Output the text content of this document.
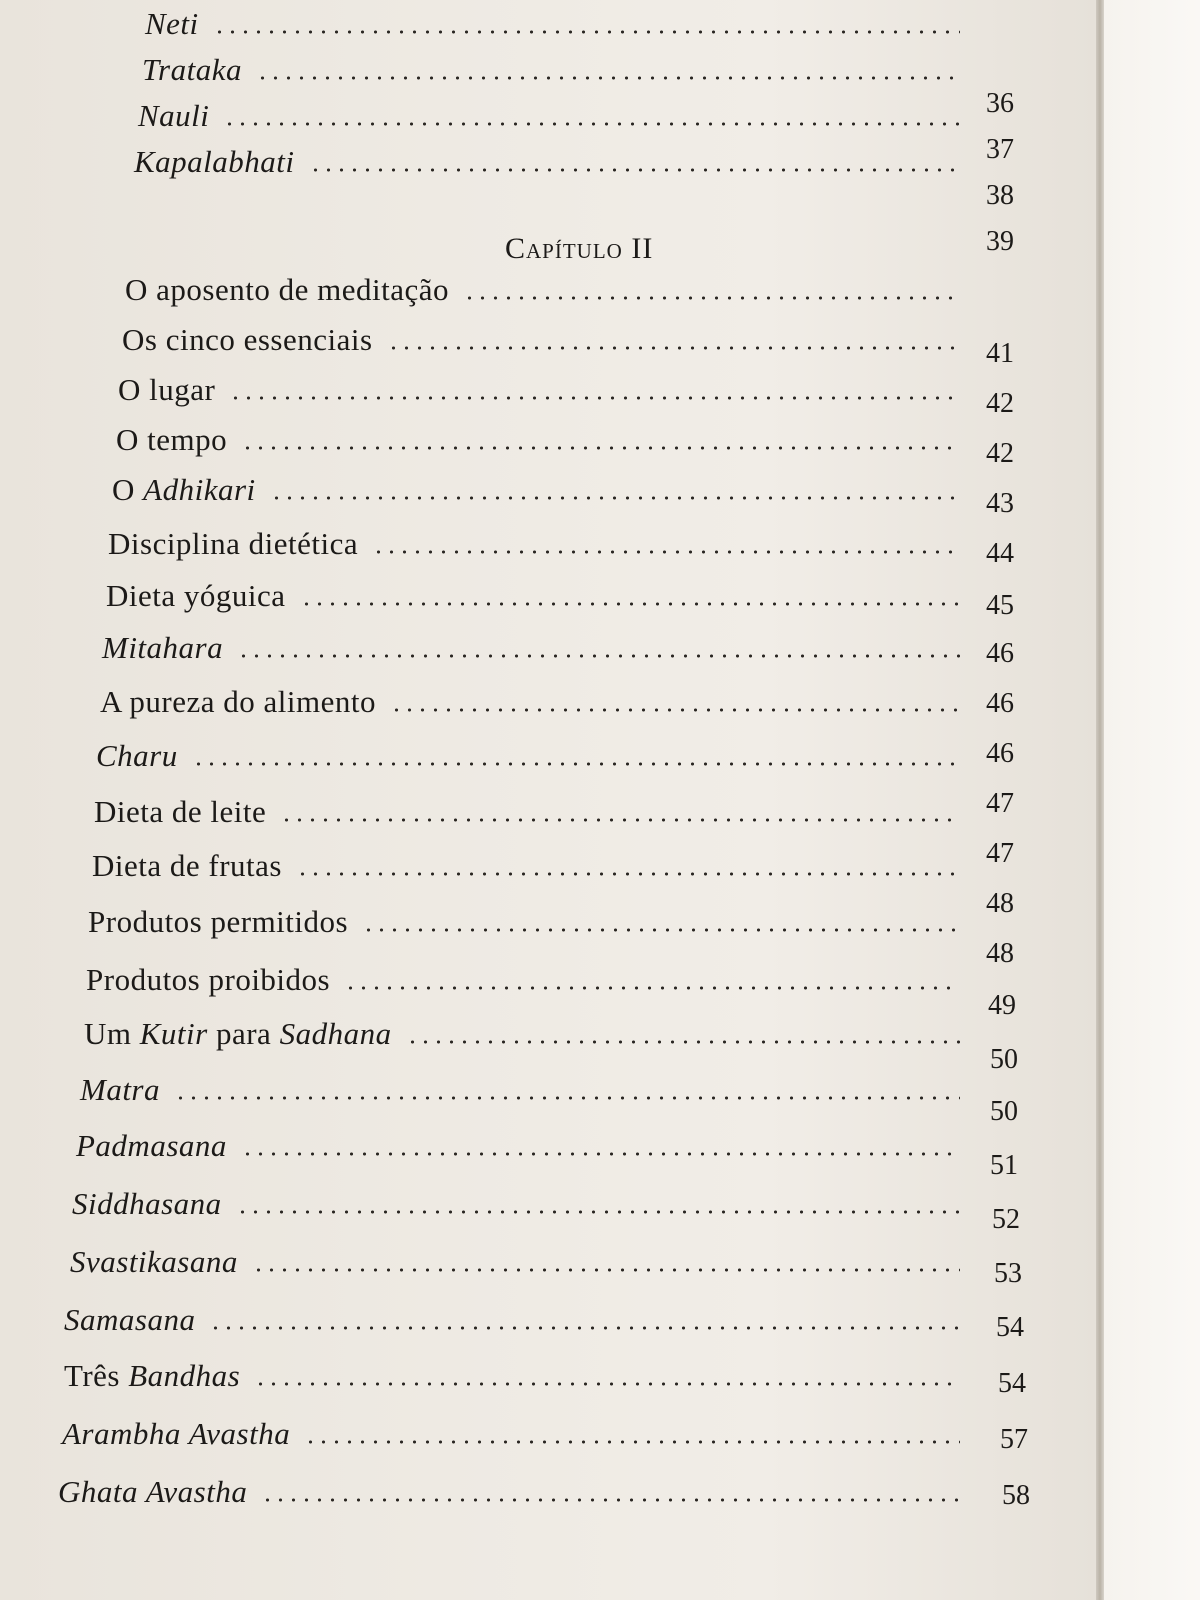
Capítulo II
Neti
Trataka
Nauli
Kapalabhati
O aposento de meditação
Os cinco essenciais
O lugar
O tempo
O Adhikari
Disciplina dietética
Dieta yóguica
Mitahara
A pureza do alimento
Charu
Dieta de leite
Dieta de frutas
Produtos permitidos
Produtos proibidos
Um Kutir para Sadhana
Matra
Padmasana
Siddhasana
Svastikasana
Samasana
Três Bandhas
Arambha Avastha
Ghata Avastha
36
37
38
39
41
42
42
43
44
45
46
46
46
47
47
48
48
49
50
50
51
52
53
54
54
57
58
